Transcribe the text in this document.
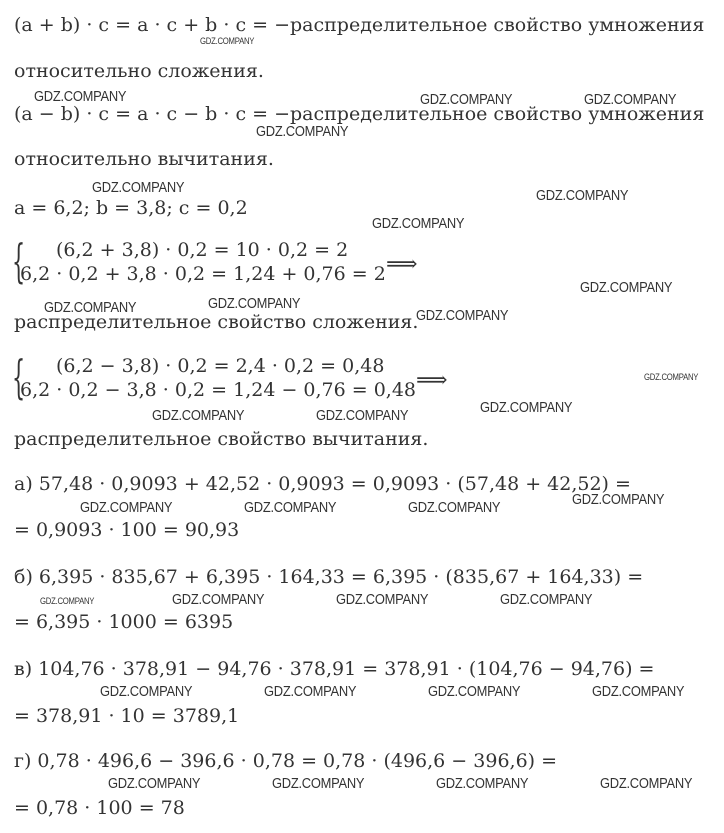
(a + b) · c = a · c + b · c = −распределительное свойство умножения
относительно сложения.
(a − b) · c = a · c − b · c = −распределительное свойство умножения
относительно вычитания.
a = 6,2; b = 3,8; c = 0,2
{ (6,2 + 3,8) · 0,2 = 10 · 0,2 = 2
6,2 · 0,2 + 3,8 · 0,2 = 1,24 + 0,76 = 2 ⟹
распределительное свойство сложения.
{ (6,2 − 3,8) · 0,2 = 2,4 · 0,2 = 0,48
6,2 · 0,2 − 3,8 · 0,2 = 1,24 − 0,76 = 0,48 ⟹
распределительное свойство вычитания.
а) 57,48 · 0,9093 + 42,52 · 0,9093 = 0,9093 · (57,48 + 42,52) =
= 0,9093 · 100 = 90,93
б) 6,395 · 835,67 + 6,395 · 164,33 = 6,395 · (835,67 + 164,33) =
= 6,395 · 1000 = 6395
в) 104,76 · 378,91 − 94,76 · 378,91 = 378,91 · (104,76 − 94,76) =
= 378,91 · 10 = 3789,1
г) 0,78 · 496,6 − 396,6 · 0,78 = 0,78 · (496,6 − 396,6) =
= 0,78 · 100 = 78
GDZ.COMPANY
GDZ.COMPANY	GDZ.COMPANY	GDZ.COMPANY
GDZ.COMPANY
GDZ.COMPANY	GDZ.COMPANY
GDZ.COMPANY
GDZ.COMPANY
GDZ.COMPANY	GDZ.COMPANY
GDZ.COMPANY
GDZ.COMPANY
GDZ.COMPANY	GDZ.COMPANY	GDZ.COMPANY
GDZ.COMPANY
GDZ.COMPANY	GDZ.COMPANY	GDZ.COMPANY
GDZ.COMPANY	GDZ.COMPANY	GDZ.COMPANY	GDZ.COMPANY
GDZ.COMPANY	GDZ.COMPANY	GDZ.COMPANY	GDZ.COMPANY
GDZ.COMPANY	GDZ.COMPANY	GDZ.COMPANY	GDZ.COMPANY
